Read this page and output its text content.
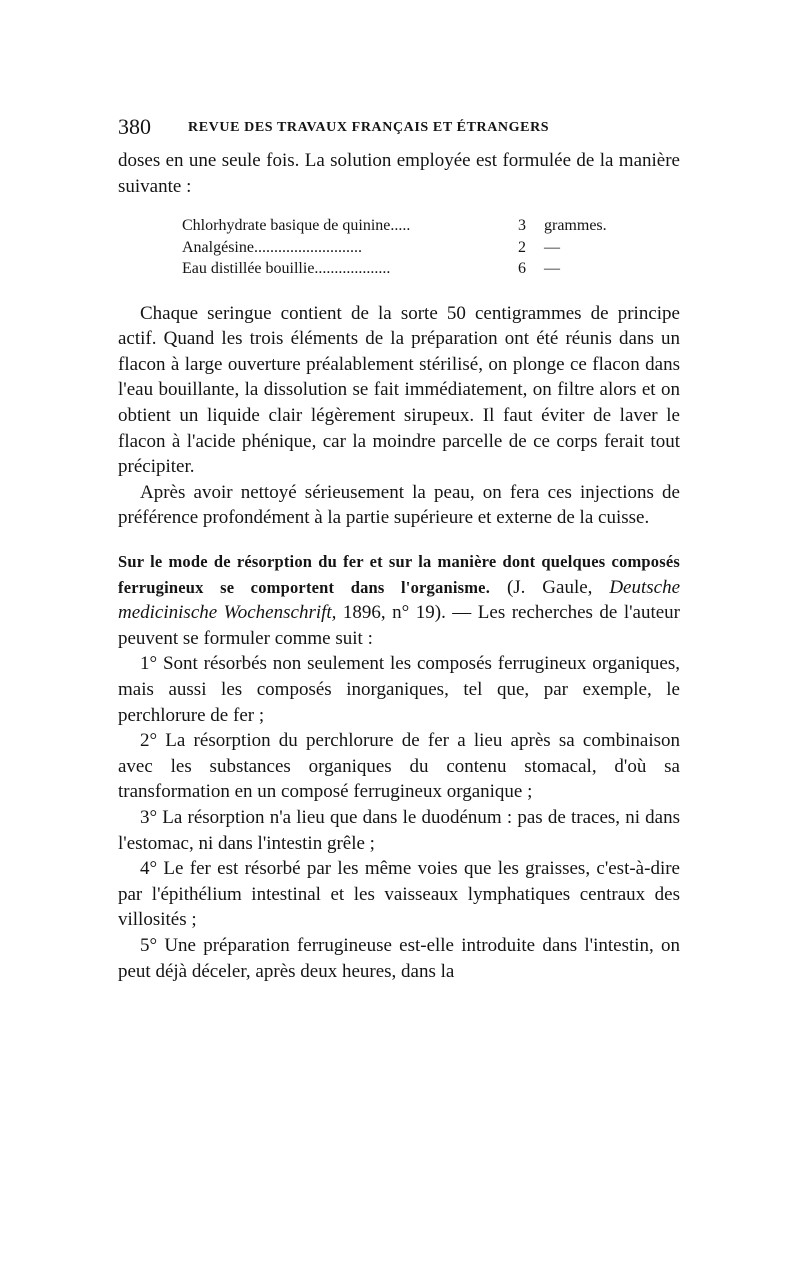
380	REVUE DES TRAVAUX FRANÇAIS ET ÉTRANGERS

doses en une seule fois. La solution employée est formulée de la manière suivante :

Chlorhydrate basique de quinine.....	3	grammes.
Analgésine...........................	2	—
Eau distillée bouillie...................	6	—

Chaque seringue contient de la sorte 50 centigrammes de principe actif. Quand les trois éléments de la préparation ont été réunis dans un flacon à large ouverture préalablement stérilisé, on plonge ce flacon dans l'eau bouillante, la dissolution se fait immédiatement, on filtre alors et on obtient un liquide clair légèrement sirupeux. Il faut éviter de laver le flacon à l'acide phénique, car la moindre parcelle de ce corps ferait tout précipiter.

Après avoir nettoyé sérieusement la peau, on fera ces injections de préférence profondément à la partie supérieure et externe de la cuisse.

Sur le mode de résorption du fer et sur la manière dont quelques composés ferrugineux se comportent dans l'organisme. (J. Gaule, Deutsche medicinische Wochenschrift, 1896, n° 19). — Les recherches de l'auteur peuvent se formuler comme suit :

1° Sont résorbés non seulement les composés ferrugineux organiques, mais aussi les composés inorganiques, tel que, par exemple, le perchlorure de fer ;

2° La résorption du perchlorure de fer a lieu après sa combinaison avec les substances organiques du contenu stomacal, d'où sa transformation en un composé ferrugineux organique ;

3° La résorption n'a lieu que dans le duodénum : pas de traces, ni dans l'estomac, ni dans l'intestin grêle ;

4° Le fer est résorbé par les même voies que les graisses, c'est-à-dire par l'épithélium intestinal et les vaisseaux lymphatiques centraux des villosités ;

5° Une préparation ferrugineuse est-elle introduite dans l'intestin, on peut déjà déceler, après deux heures, dans la
